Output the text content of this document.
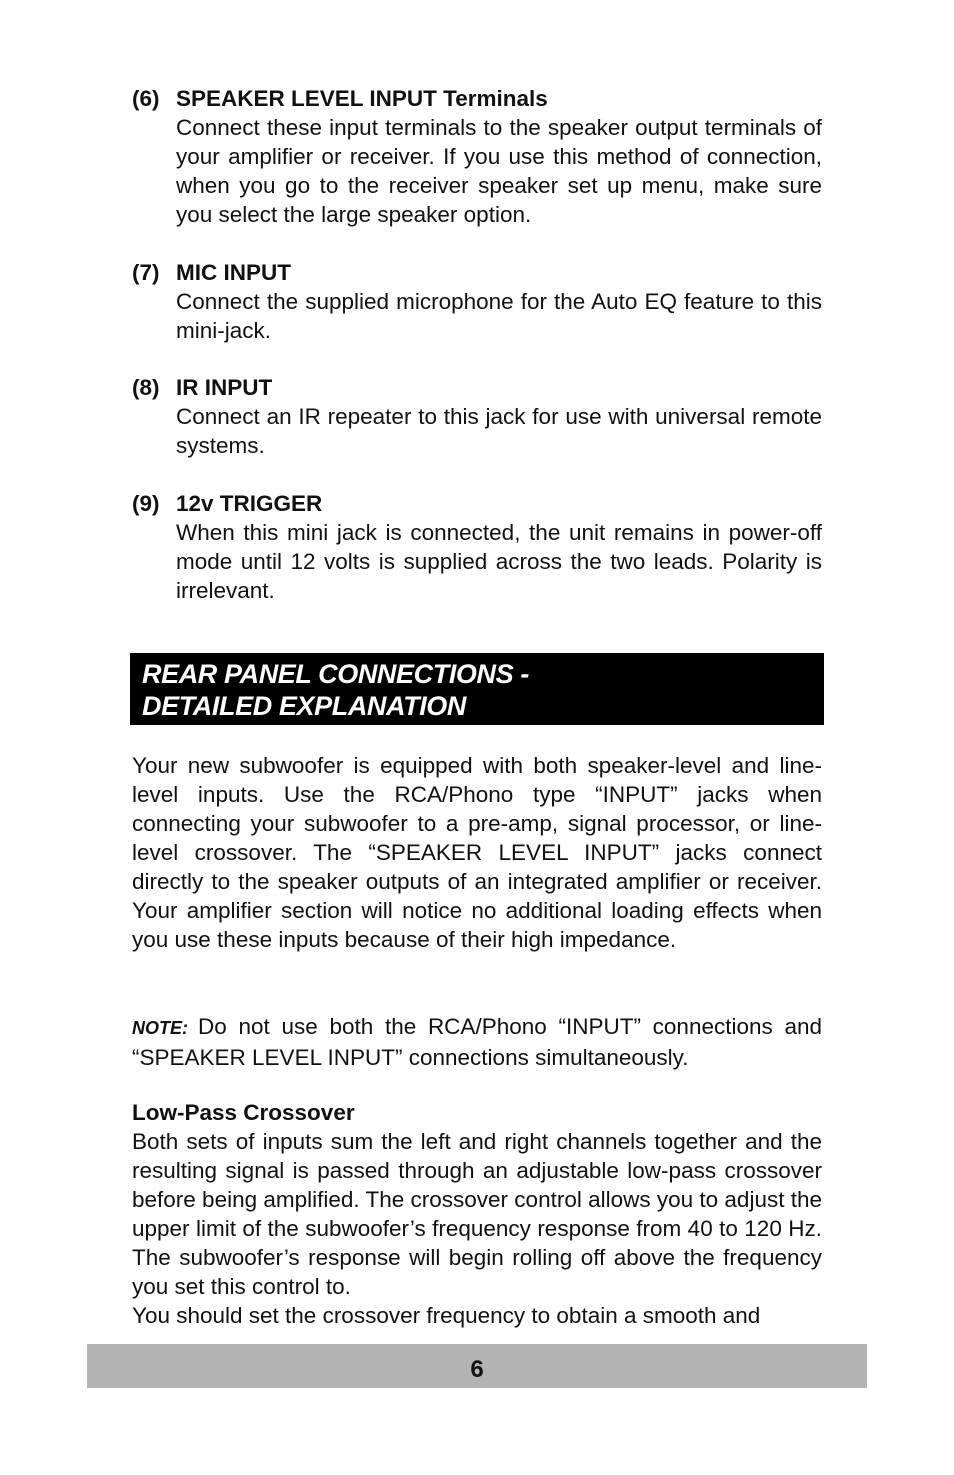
(6) SPEAKER LEVEL INPUT Terminals
Connect these input terminals to the speaker output terminals of your amplifier or receiver. If you use this method of connection, when you go to the receiver speaker set up menu, make sure you select the large speaker option.
(7) MIC INPUT
Connect the supplied microphone for the Auto EQ feature to this mini-jack.
(8) IR INPUT
Connect an IR repeater to this jack for use with universal remote systems.
(9) 12v TRIGGER
When this mini jack is connected, the unit remains in power-off mode until 12 volts is supplied across the two leads. Polarity is irrelevant.
REAR PANEL CONNECTIONS -
DETAILED EXPLANATION
Your new subwoofer is equipped with both speaker-level and line-level inputs. Use the RCA/Phono type “INPUT” jacks when connecting your subwoofer to a pre-amp, signal processor, or line-level crossover. The “SPEAKER LEVEL INPUT” jacks connect directly to the speaker outputs of an integrated amplifier or receiver. Your amplifier section will notice no additional loading effects when you use these inputs because of their high impedance.
NOTE: Do not use both the RCA/Phono “INPUT” connections and “SPEAKER LEVEL INPUT” connections simultaneously.
Low-Pass Crossover
Both sets of inputs sum the left and right channels together and the resulting signal is passed through an adjustable low-pass crossover before being amplified. The crossover control allows you to adjust the upper limit of the subwoofer’s frequency response from 40 to 120 Hz. The subwoofer’s response will begin rolling off above the frequency you set this control to.
You should set the crossover frequency to obtain a smooth and
6
